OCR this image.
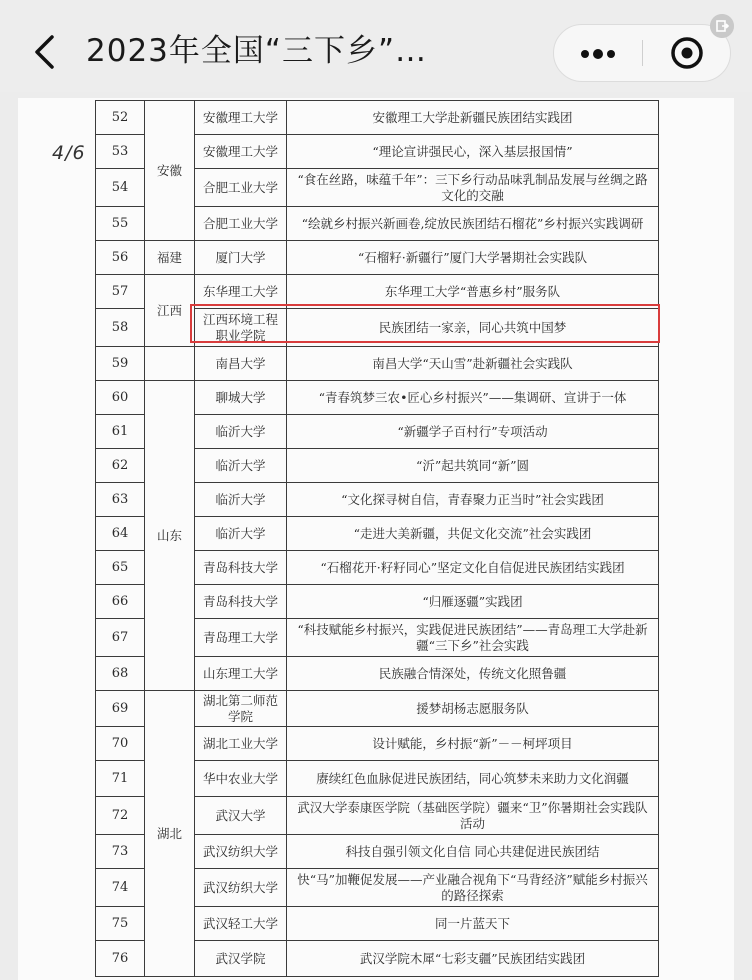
2023年全国“三下乡”…
4/6
52	安徽	安徽理工大学	安徽理工大学赴新疆民族团结实践团
53		安徽理工大学	“理论宣讲强民心，深入基层报国情”
54		合肥工业大学	“食在丝路，味蕴千年”：三下乡行动品味乳制品发展与丝绸之路文化的交融
55		合肥工业大学	“绘就乡村振兴新画卷,绽放民族团结石榴花”乡村振兴实践调研
56	福建	厦门大学	“石榴籽·新疆行”厦门大学暑期社会实践队
57	江西	东华理工大学	东华理工大学“普惠乡村”服务队
58		江西环境工程职业学院	民族团结一家亲，同心共筑中国梦
59		南昌大学	南昌大学“天山雪”赴新疆社会实践队
60	山东	聊城大学	“青春筑梦三农•匠心乡村振兴”——集调研、宣讲于一体
61		临沂大学	“新疆学子百村行”专项活动
62		临沂大学	“沂”起共筑同“新”圆
63		临沂大学	“文化探寻树自信，青春聚力正当时”社会实践团
64		临沂大学	“走进大美新疆，共促文化交流”社会实践团
65		青岛科技大学	“石榴花开·籽籽同心”坚定文化自信促进民族团结实践团
66		青岛科技大学	“归雁逐疆”实践团
67		青岛理工大学	“科技赋能乡村振兴，实践促进民族团结”——青岛理工大学赴新疆“三下乡”社会实践
68		山东理工大学	民族融合情深处，传统文化照鲁疆
69	湖北	湖北第二师范学院	援梦胡杨志愿服务队
70		湖北工业大学	设计赋能，乡村振“新”－－柯坪项目
71		华中农业大学	赓续红色血脉促进民族团结，同心筑梦未来助力文化润疆
72		武汉大学	武汉大学泰康医学院（基础医学院）疆来“卫”你暑期社会实践队活动
73		武汉纺织大学	科技自强引领文化自信 同心共建促进民族团结
74		武汉纺织大学	快“马”加鞭促发展——产业融合视角下“马背经济”赋能乡村振兴的路径探索
75		武汉轻工大学	同一片蓝天下
76		武汉学院	武汉学院木犀“七彩支疆”民族团结实践团
